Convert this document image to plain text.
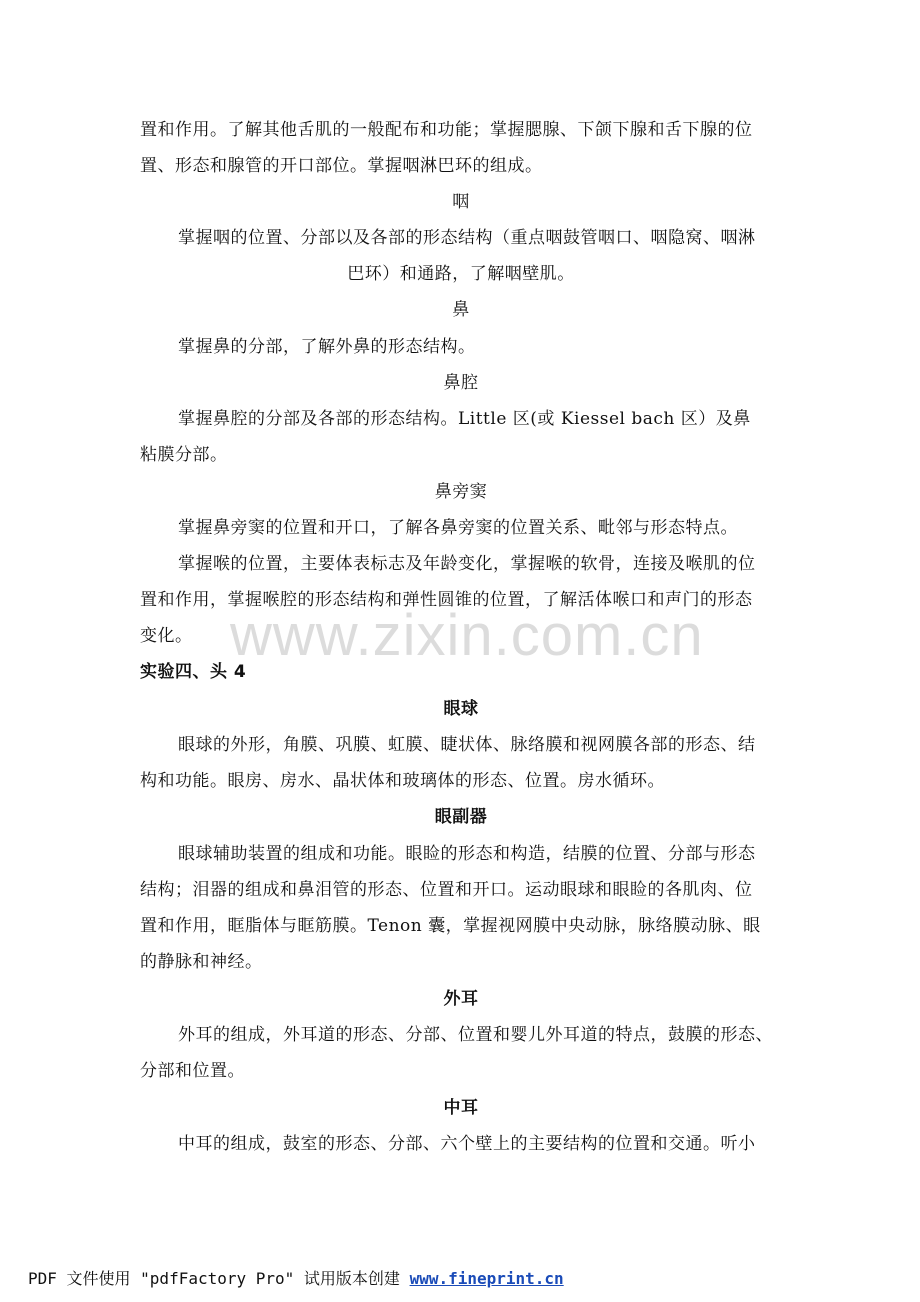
www.zixin.com.cn
置和作用。了解其他舌肌的一般配布和功能；掌握腮腺、下颌下腺和舌下腺的位
置、形态和腺管的开口部位。掌握咽淋巴环的组成。
咽
掌握咽的位置、分部以及各部的形态结构（重点咽鼓管咽口、咽隐窝、咽淋
巴环）和通路，了解咽壁肌。
鼻
掌握鼻的分部，了解外鼻的形态结构。
鼻腔
掌握鼻腔的分部及各部的形态结构。Little 区(或 Kiessel bach 区）及鼻
粘膜分部。
鼻旁窦
掌握鼻旁窦的位置和开口，了解各鼻旁窦的位置关系、毗邻与形态特点。
掌握喉的位置，主要体表标志及年龄变化，掌握喉的软骨，连接及喉肌的位
置和作用，掌握喉腔的形态结构和弹性圆锥的位置，了解活体喉口和声门的形态
变化。
实验四、头 4
眼球
眼球的外形，角膜、巩膜、虹膜、睫状体、脉络膜和视网膜各部的形态、结
构和功能。眼房、房水、晶状体和玻璃体的形态、位置。房水循环。
眼副器
眼球辅助装置的组成和功能。眼睑的形态和构造，结膜的位置、分部与形态
结构；泪器的组成和鼻泪管的形态、位置和开口。运动眼球和眼睑的各肌肉、位
置和作用，眶脂体与眶筋膜。Tenon 囊，掌握视网膜中央动脉，脉络膜动脉、眼
的静脉和神经。
外耳
外耳的组成，外耳道的形态、分部、位置和婴儿外耳道的特点，鼓膜的形态、
分部和位置。
中耳
中耳的组成，鼓室的形态、分部、六个壁上的主要结构的位置和交通。听小
PDF 文件使用 "pdfFactory Pro" 试用版本创建 www.fineprint.cn
